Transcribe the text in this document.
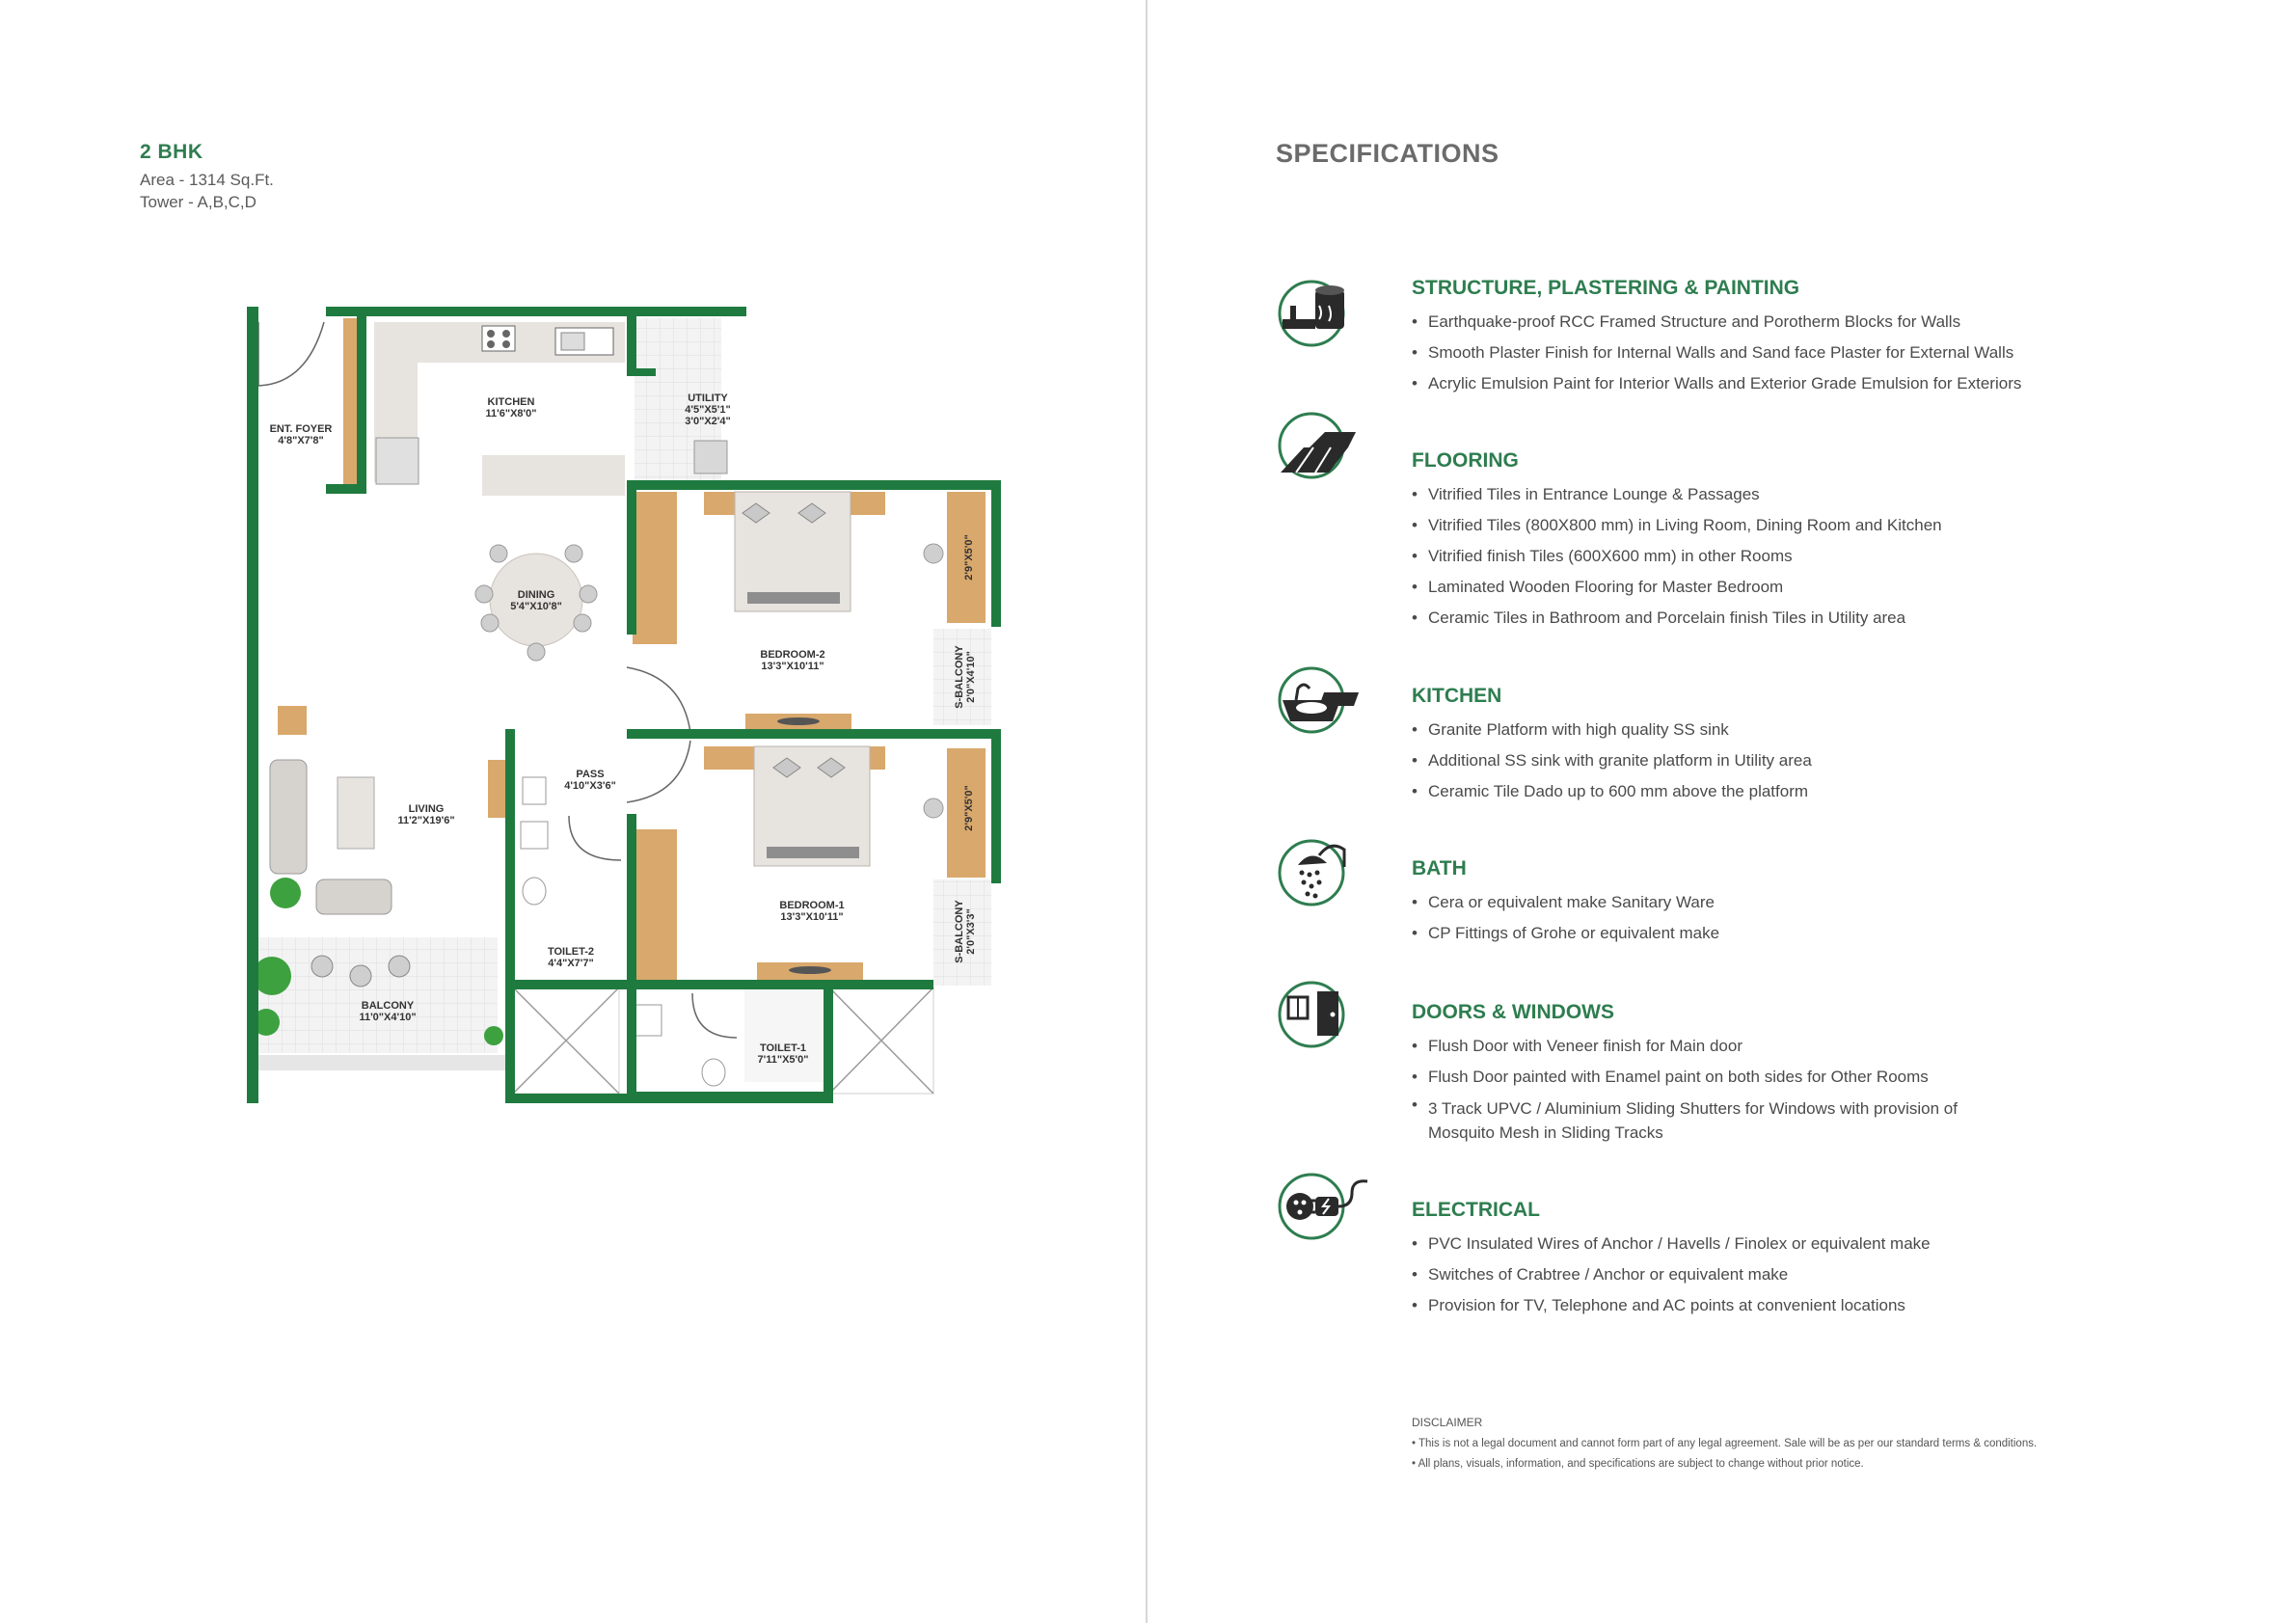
2 BHK
Area - 1314 Sq.Ft.
Tower - A,B,C,D
ENT. FOYER
4'8"X7'8"
KITCHEN
11'6"X8'0"
UTILITY
4'5"X5'1"
3'0"X2'4"
DINING
5'4"X10'8"
LIVING
11'2"X19'6"
BALCONY
11'0"X4'10"
PASS
4'10"X3'6"
TOILET-2
4'4"X7'7"
BEDROOM-2
13'3"X10'11"
BEDROOM-1
13'3"X10'11"
TOILET-1
7'11"X5'0"
2'9"X5'0"
2'9"X5'0"
S-BALCONY 2'0"X4'10"
S-BALCONY 2'0"X3'3"
SPECIFICATIONS
STRUCTURE, PLASTERING & PAINTING
• Earthquake-proof RCC Framed Structure and Porotherm Blocks for Walls
• Smooth Plaster Finish for Internal Walls and Sand face Plaster for External Walls
• Acrylic Emulsion Paint for Interior Walls and Exterior Grade Emulsion for Exteriors
FLOORING
• Vitrified Tiles in Entrance Lounge & Passages
• Vitrified Tiles (800X800 mm) in Living Room, Dining Room and Kitchen
• Vitrified finish Tiles (600X600 mm) in other Rooms
• Laminated Wooden Flooring for Master Bedroom
• Ceramic Tiles in Bathroom and Porcelain finish Tiles in Utility area
KITCHEN
• Granite Platform with high quality SS sink
• Additional SS sink with granite platform in Utility area
• Ceramic Tile Dado up to 600 mm above the platform
BATH
• Cera or equivalent make Sanitary Ware
• CP Fittings of Grohe or equivalent make
DOORS & WINDOWS
• Flush Door with Veneer finish for Main door
• Flush Door painted with Enamel paint on both sides for Other Rooms
• 3 Track UPVC / Aluminium Sliding Shutters for Windows with provision of Mosquito Mesh in Sliding Tracks
ELECTRICAL
• PVC Insulated Wires of Anchor / Havells / Finolex or equivalent make
• Switches of Crabtree / Anchor or equivalent make
• Provision for TV, Telephone and AC points at convenient locations
DISCLAIMER
• This is not a legal document and cannot form part of any legal agreement. Sale will be as per our standard terms & conditions.
• All plans, visuals, information, and specifications are subject to change without prior notice.
